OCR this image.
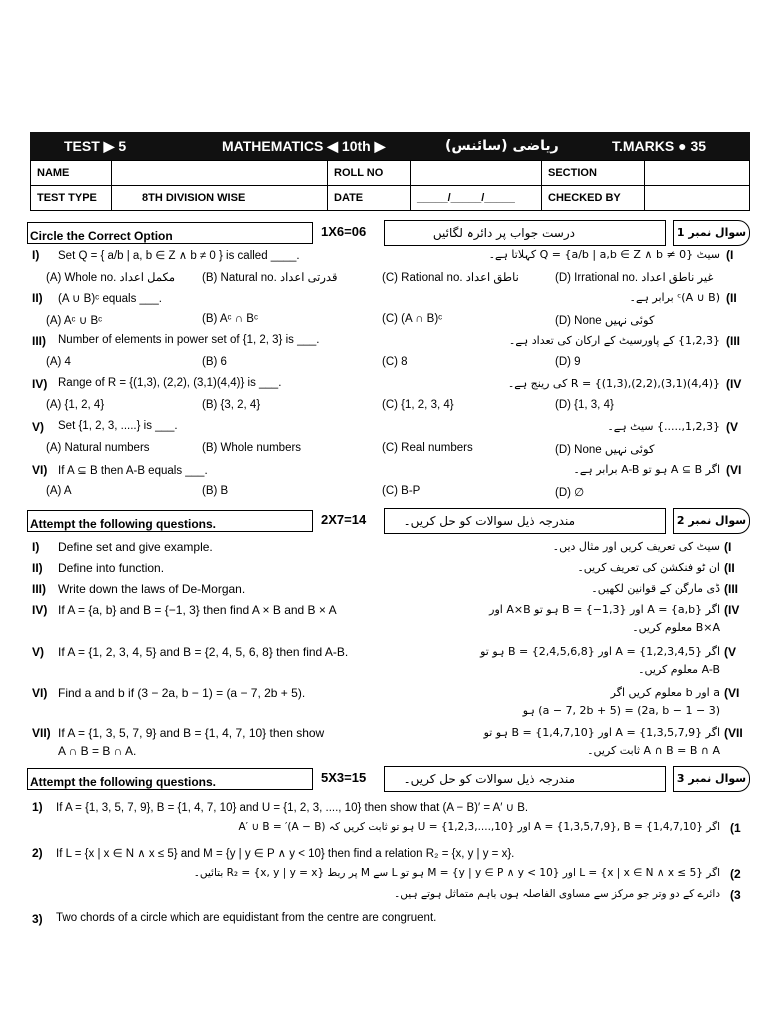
TEST ▶ 5	MATHEMATICS ◀ 10th ▶	ریاضی (سائنس)	T.MARKS ● 35
NAME		ROLL NO		SECTION	
TEST TYPE	8TH DIVISION WISE	DATE	_____/_____/_____	CHECKED BY	
Circle the Correct Option	1X6=06	درست جواب پر دائرہ لگائیں	سوال نمبر 1
I) Set Q = { a/b | a, b ∈ Z ∧ b ≠ 0 } is called ____.	سیٹ Q = {a/b | a,b ∈ Z ∧ b ≠ 0} کہلاتا ہے۔ (I
(A) Whole no. مکمل اعداد (B) Natural no. قدرتی اعداد	(C) Rational no. ناطق اعداد	(D) Irrational no. غیر ناطق اعداد
II) (A ∪ B)ᶜ equals ___.	(A ∪ B)ᶜ برابر ہے۔ (II
(A) Aᶜ ∪ Bᶜ	(B) Aᶜ ∩ Bᶜ	(C) (A ∩ B)ᶜ	(D) None کوئی نہیں
III) Number of elements in power set of {1, 2, 3} is ___.	{1,2,3} کے پاورسیٹ کے ارکان کی تعداد ہے۔ (III
(A) 4	(B) 6	(C) 8	(D) 9
IV) Range of R = {(1,3), (2,2), (3,1)(4,4)} is ___.	R = {(1,3),(2,2),(3,1)(4,4)} کی رینج ہے۔ (IV
(A) {1, 2, 4}	(B) {3, 2, 4}	(C) {1, 2, 3, 4}	(D) {1, 3, 4}
V) Set {1, 2, 3, .....} is ___.	{1,2,3,.....} سیٹ ہے۔ (V
(A) Natural numbers	(B) Whole numbers	(C) Real numbers	(D) None کوئی نہیں
VI) If A ⊆ B then A-B equals ___.	اگر A ⊆ B ہو تو A-B برابر ہے۔ (VI
(A) A	(B) B	(C) B-P	(D) ∅
Attempt the following questions.	2X7=14	مندرجہ ذیل سوالات کو حل کریں۔	سوال نمبر 2
I) Define set and give example.	سیٹ کی تعریف کریں اور مثال دیں۔ (I
II) Define into function.	ان ٹو فنکشن کی تعریف کریں۔ (II
III) Write down the laws of De-Morgan.	ڈی مارگن کے قوانین لکھیں۔ (III
IV) If A = {a, b} and B = {−1, 3} then find A × B and B × A	اگر A = {a,b} اور B = {−1,3} ہو تو A×B اور
B×A معلوم کریں۔
(IV
V) If A = {1, 2, 3, 4, 5} and B = {2, 4, 5, 6, 8} then find A-B.	اگر A = {1,2,3,4,5} اور B = {2,4,5,6,8} ہو تو
A-B معلوم کریں۔
(V
VI) Find a and b if (3 − 2a, b − 1) = (a − 7, 2b + 5).	a اور b معلوم کریں اگر
(3 − 2a, b − 1) = (a − 7, 2b + 5) ہو
(VI
VII) If A = {1, 3, 5, 7, 9} and B = {1, 4, 7, 10} then show
A ∩ B = B ∩ A.
اگر A = {1,3,5,7,9} اور B = {1,4,7,10} ہو تو
A ∩ B = B ∩ A ثابت کریں۔
(VII
Attempt the following questions.	5X3=15	مندرجہ ذیل سوالات کو حل کریں۔	سوال نمبر 3
1) If A = {1, 3, 5, 7, 9}, B = {1, 4, 7, 10} and U = {1, 2, 3, ...., 10} then show that (A − B)′ = A′ ∪ B.
اگر A = {1,3,5,7,9}, B = {1,4,7,10} اور U = {1,2,3,....,10} ہو تو ثابت کریں کہ (A − B)′ = A′ ∪ B (1
2) If L = {x | x ∈ N ∧ x ≤ 5} and M = {y | y ∈ P ∧ y < 10} then find a relation R₂ = {x, y | y = x}.
اگر L = {x | x ∈ N ∧ x ≤ 5} اور M = {y | y ∈ P ∧ y < 10} ہو تو L سے M پر ربط R₂ = {x, y | y = x} بتائیں۔ (2
3) Two chords of a circle which are equidistant from the centre are congruent.
دائرے کے دو وتر جو مرکز سے مساوی الفاصلہ ہوں باہم متماثل ہوتے ہیں۔ (3
